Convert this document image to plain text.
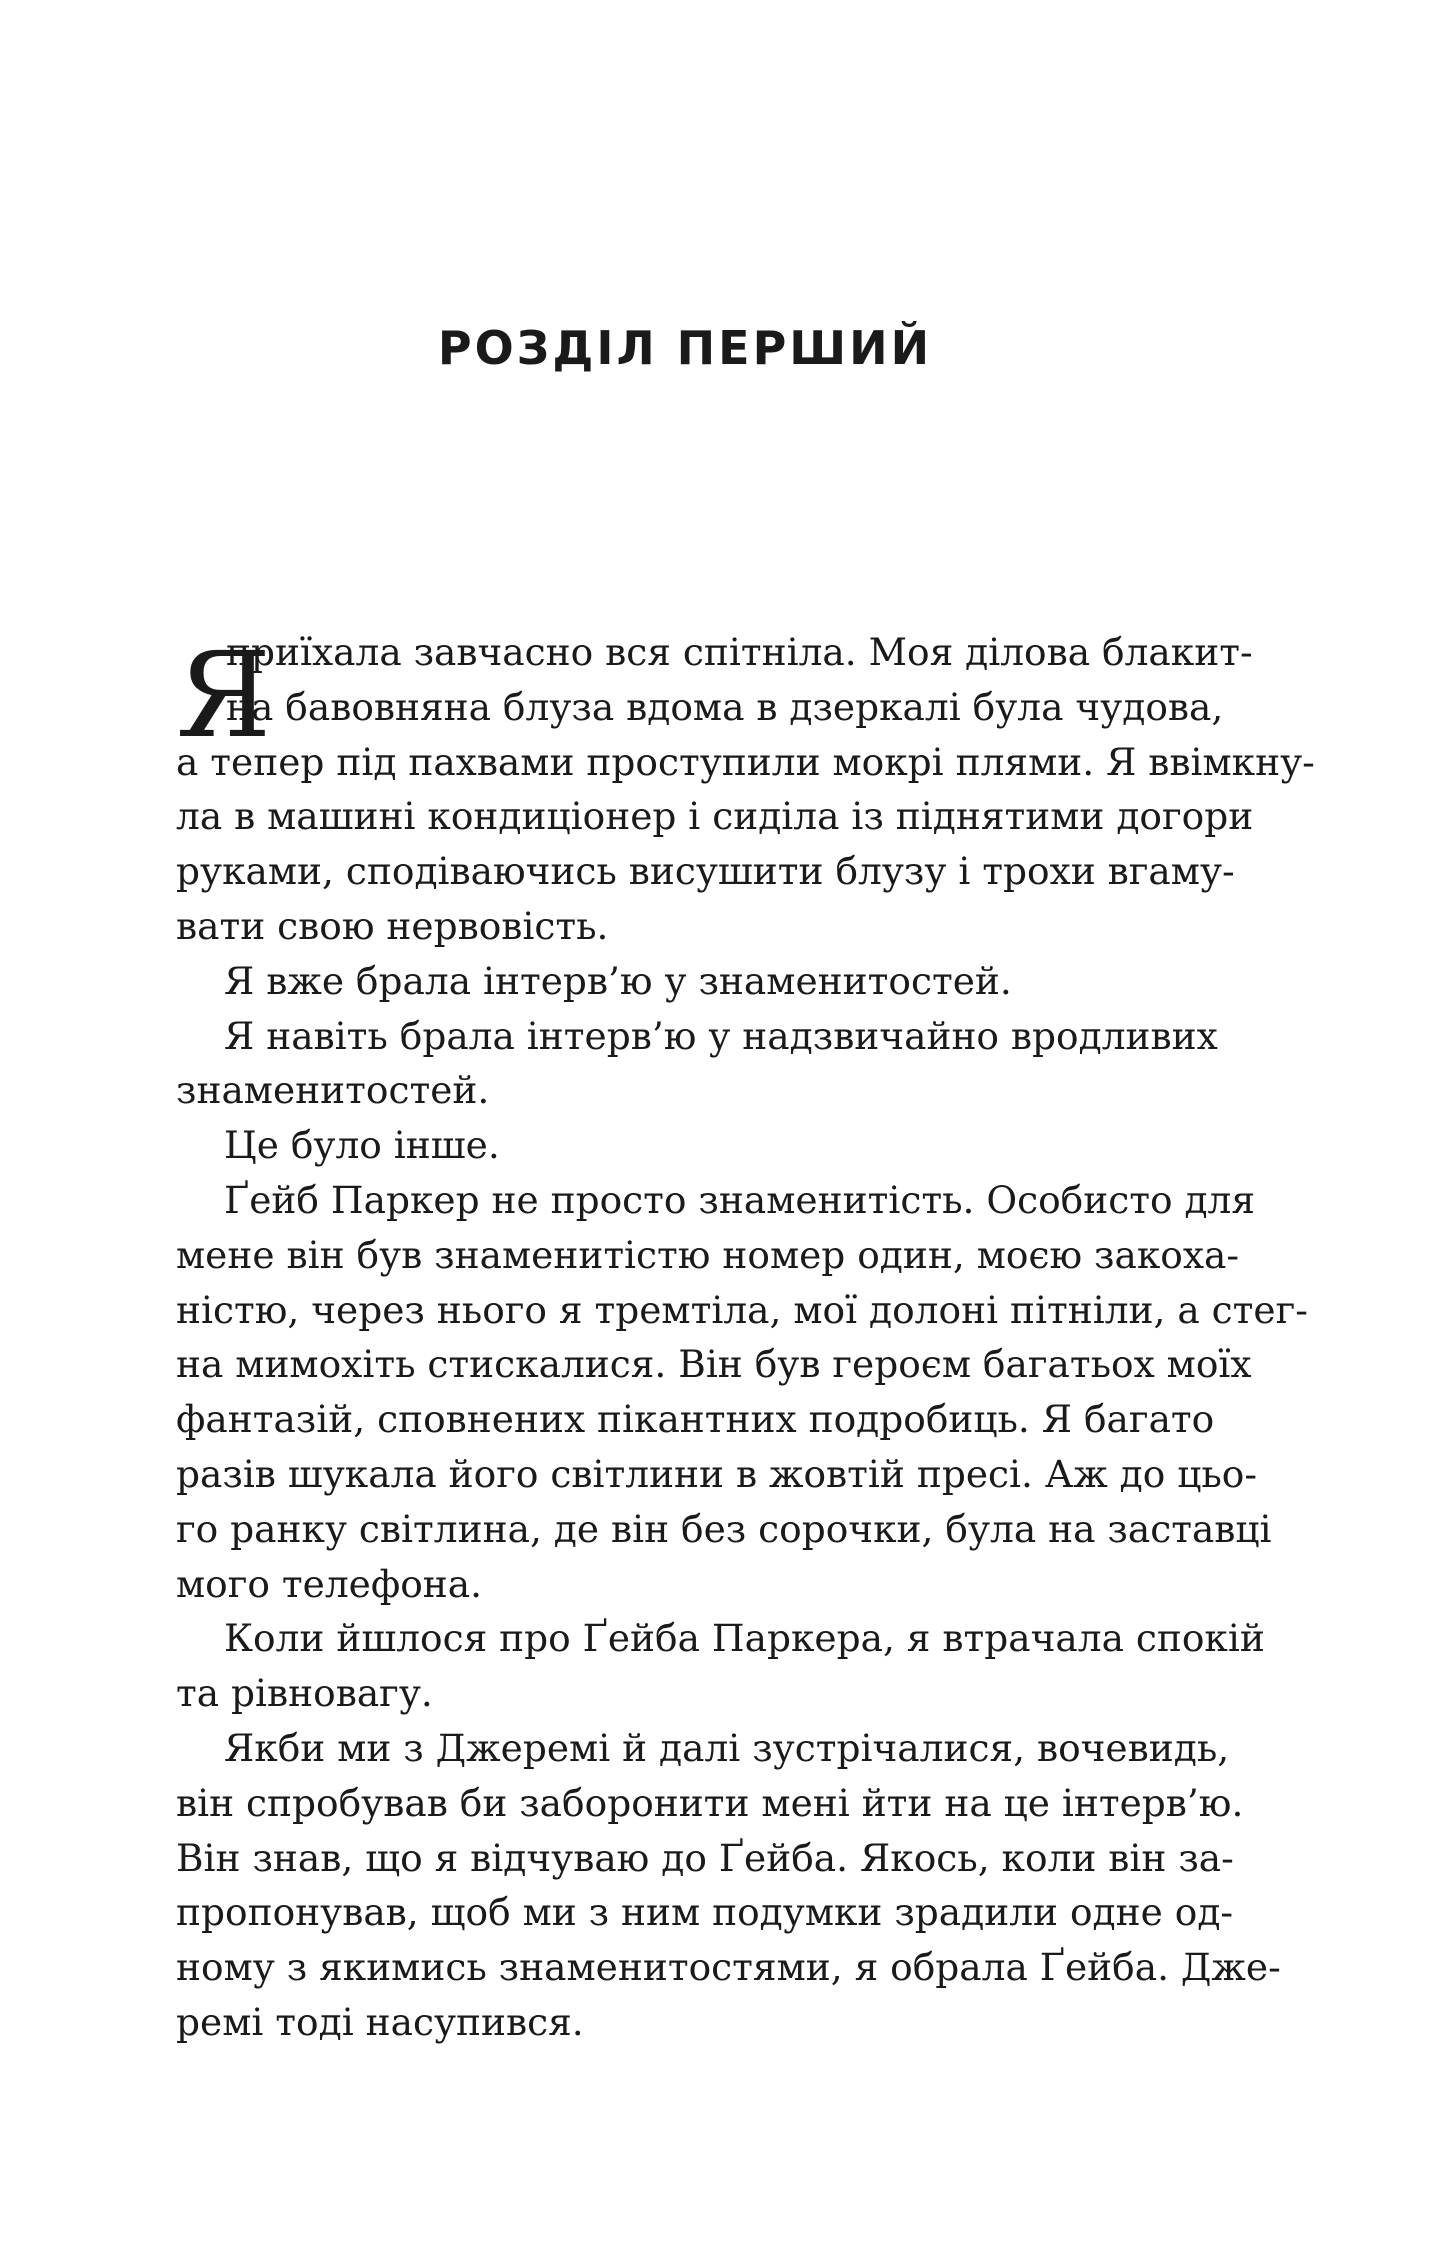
РОЗДІЛ ПЕРШИЙ
Я
приїхала завчасно вся спітніла. Моя ділова блакит-
на бавовняна блуза вдома в дзеркалі була чудова,
а тепер під пахвами проступили мокрі плями. Я ввімкну-
ла в машині кондиціонер і сиділа із піднятими догори
руками, сподіваючись висушити блузу і трохи вгаму-
вати свою нервовість.
Я вже брала інтерв’ю у знаменитостей.
Я навіть брала інтерв’ю у надзвичайно вродливих
знаменитостей.
Це було інше.
Ґейб Паркер не просто знаменитість. Особисто для
мене він був знаменитістю номер один, моєю закоха-
ністю, через нього я тремтіла, мої долоні пітніли, а стег-
на мимохіть стискалися. Він був героєм багатьох моїх
фантазій, сповнених пікантних подробиць. Я багато
разів шукала його світлини в жовтій пресі. Аж до цьо-
го ранку світлина, де він без сорочки, була на заставці
мого телефона.
Коли йшлося про Ґейба Паркера, я втрачала спокій
та рівновагу.
Якби ми з Джеремі й далі зустрічалися, вочевидь,
він спробував би заборонити мені йти на це інтерв’ю.
Він знав, що я відчуваю до Ґейба. Якось, коли він за-
пропонував, щоб ми з ним подумки зрадили одне од-
ному з якимись знаменитостями, я обрала Ґейба. Дже-
ремі тоді насупився.
